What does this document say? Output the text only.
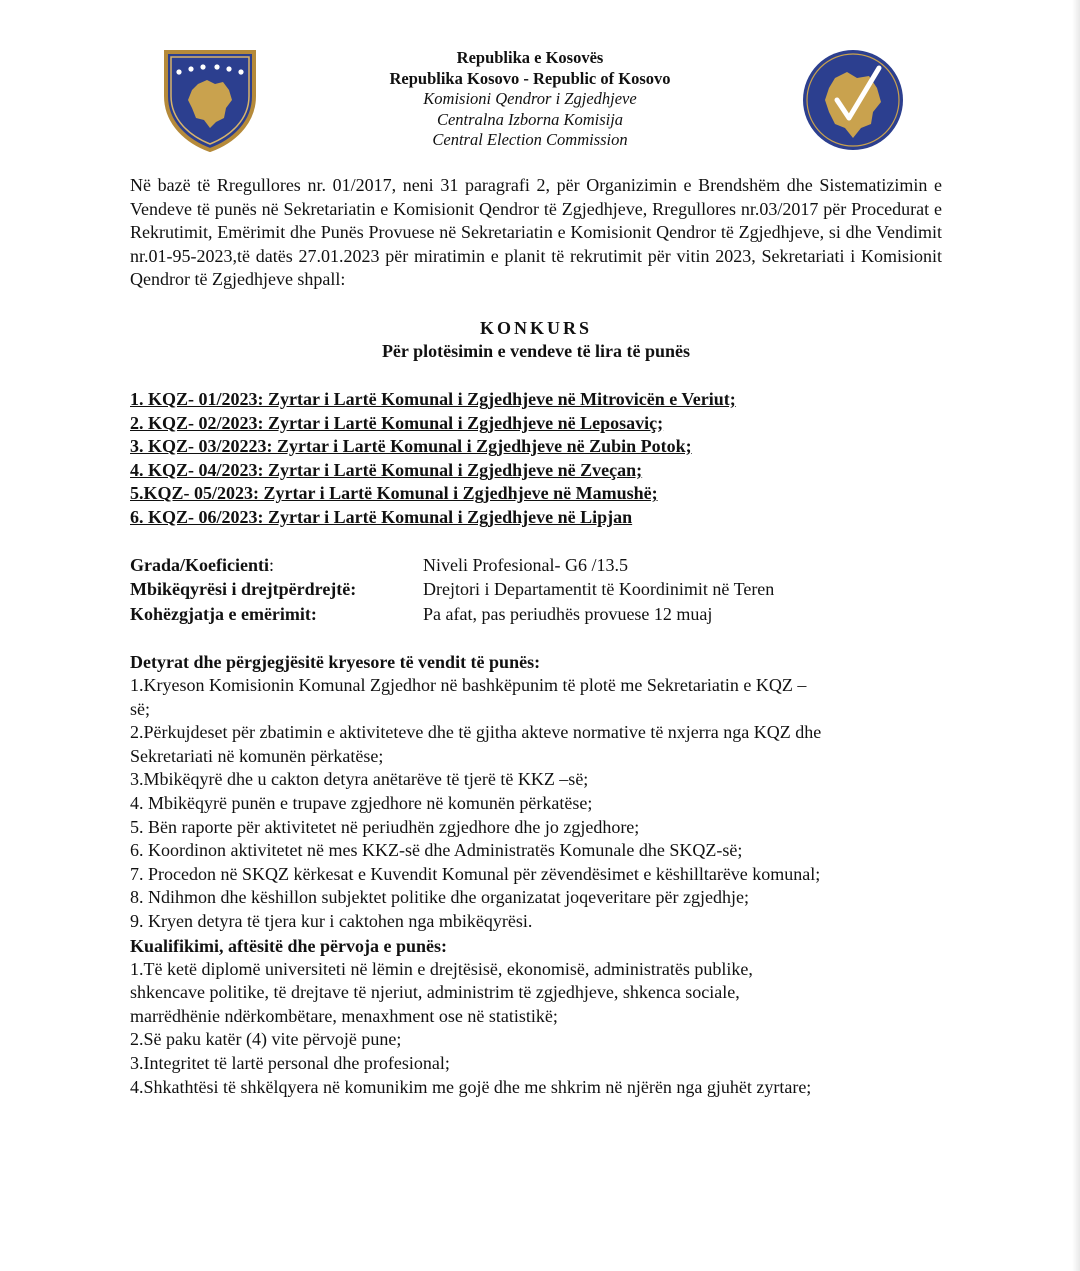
Republika e Kosovës
Republika Kosovo - Republic of Kosovo
Komisioni Qendror i Zgjedhjeve
Centralna Izborna Komisija
Central Election Commission

Në bazë të Rregullores nr. 01/2017, neni 31 paragrafi 2, për Organizimin e Brendshëm dhe Sistematizimin e Vendeve të punës në Sekretariatin e Komisionit Qendror të Zgjedhjeve, Rregullores nr.03/2017 për Procedurat e Rekrutimit, Emërimit dhe Punës Provuese në Sekretariatin e Komisionit Qendror të Zgjedhjeve, si dhe Vendimit nr.01-95-2023,të datës 27.01.2023 për miratimin e planit të rekrutimit për vitin 2023, Sekretariati i Komisionit Qendror të Zgjedhjeve shpall:

KONKURS
Për plotësimin e vendeve të lira të punës
1. KQZ- 01/2023: Zyrtar i Lartë Komunal i Zgjedhjeve në Mitrovicën e Veriut;
2. KQZ- 02/2023: Zyrtar i Lartë Komunal i Zgjedhjeve në Leposaviç;
3. KQZ- 03/20223: Zyrtar i Lartë Komunal i Zgjedhjeve në Zubin Potok;
4. KQZ- 04/2023: Zyrtar i Lartë Komunal i Zgjedhjeve në Zveçan;
5.KQZ- 05/2023: Zyrtar i Lartë Komunal i Zgjedhjeve në Mamushë;
6. KQZ- 06/2023: Zyrtar i Lartë Komunal i Zgjedhjeve në Lipjan
Grada/Koeficienti:	Niveli Profesional- G6 /13.5
Mbikëqyrësi i drejtpërdrejtë:	Drejtori i Departamentit të Koordinimit në Teren
Kohëzgjatja e emërimit:	Pa afat, pas periudhës provuese 12 muaj
Detyrat dhe përgjegjësitë kryesore të vendit të punës:
1.Kryeson Komisionin Komunal Zgjedhor në bashkëpunim të plotë me Sekretariatin e KQZ –
së;
2.Përkujdeset për zbatimin e aktiviteteve dhe të gjitha akteve normative të nxjerra nga KQZ dhe
Sekretariati në komunën përkatëse;
3.Mbikëqyrë dhe u cakton detyra anëtarëve të tjerë të KKZ –së;
4. Mbikëqyrë punën e trupave zgjedhore në komunën përkatëse;
5. Bën raporte për aktivitetet në periudhën zgjedhore dhe jo zgjedhore;
6. Koordinon aktivitetet në mes KKZ-së dhe Administratës Komunale dhe SKQZ-së;
7. Procedon në SKQZ kërkesat e Kuvendit Komunal për zëvendësimet e këshilltarëve komunal;
8. Ndihmon dhe këshillon subjektet politike dhe organizatat joqeveritare për zgjedhje;
9. Kryen detyra të tjera kur i caktohen nga mbikëqyrësi.
Kualifikimi, aftësitë dhe përvoja e punës:
1.Të ketë diplomë universiteti në lëmin e drejtësisë, ekonomisë, administratës publike,
shkencave politike, të drejtave të njeriut, administrim të zgjedhjeve, shkenca sociale,
marrëdhënie ndërkombëtare, menaxhment ose në statistikë;
2.Së paku katër (4) vite përvojë pune;
3.Integritet të lartë personal dhe profesional;
4.Shkathtësi të shkëlqyera në komunikim me gojë dhe me shkrim në njërën nga gjuhët zyrtare;
